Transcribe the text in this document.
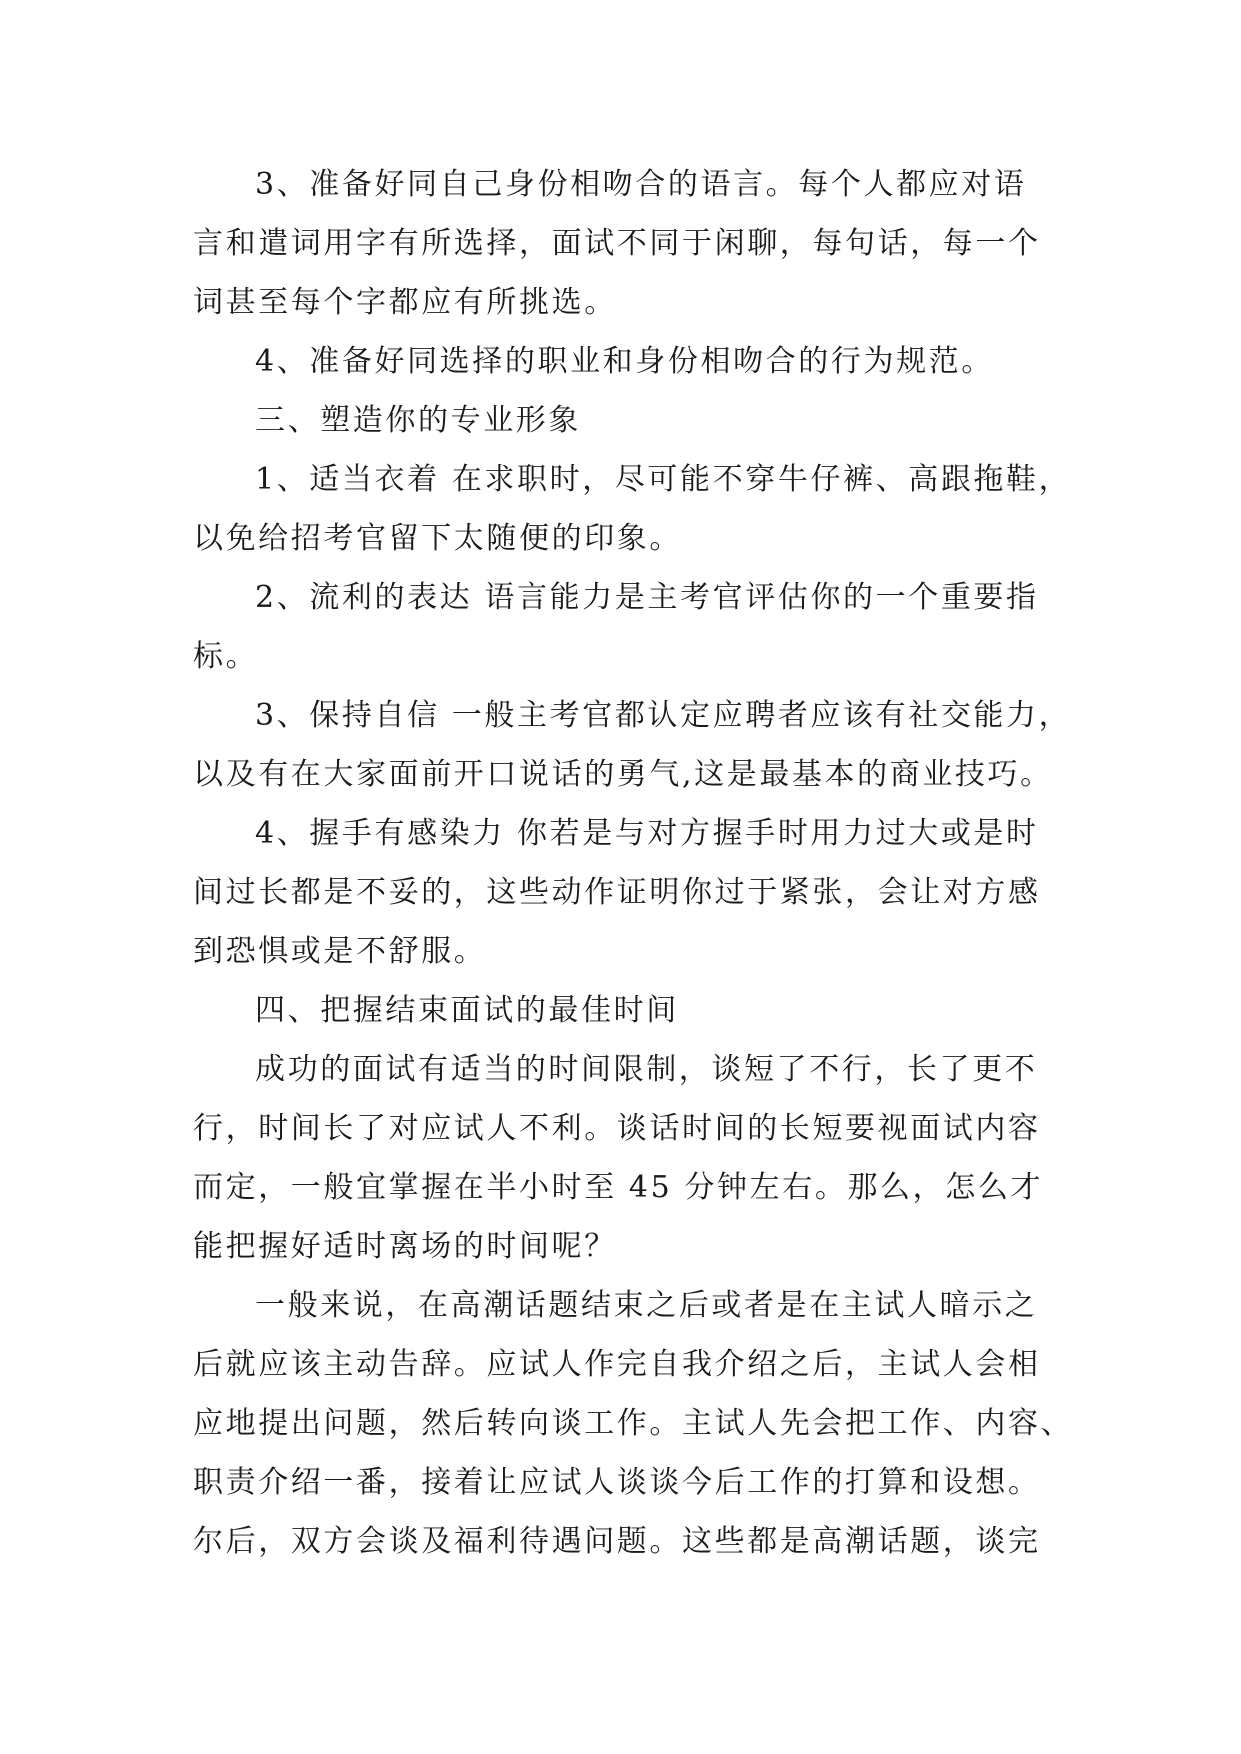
3、准备好同自己身份相吻合的语言。每个人都应对语
言和遣词用字有所选择，面试不同于闲聊，每句话，每一个
词甚至每个字都应有所挑选。
4、准备好同选择的职业和身份相吻合的行为规范。
三、塑造你的专业形象
1、适当衣着 在求职时，尽可能不穿牛仔裤、高跟拖鞋，
以免给招考官留下太随便的印象。
2、流利的表达 语言能力是主考官评估你的一个重要指
标。
3、保持自信 一般主考官都认定应聘者应该有社交能力，
以及有在大家面前开口说话的勇气,这是最基本的商业技巧。
4、握手有感染力 你若是与对方握手时用力过大或是时
间过长都是不妥的，这些动作证明你过于紧张，会让对方感
到恐惧或是不舒服。
四、把握结束面试的最佳时间
成功的面试有适当的时间限制，谈短了不行，长了更不
行，时间长了对应试人不利。谈话时间的长短要视面试内容
而定，一般宜掌握在半小时至 45 分钟左右。那么，怎么才
能把握好适时离场的时间呢？
一般来说，在高潮话题结束之后或者是在主试人暗示之
后就应该主动告辞。应试人作完自我介绍之后，主试人会相
应地提出问题，然后转向谈工作。主试人先会把工作、内容、
职责介绍一番，接着让应试人谈谈今后工作的打算和设想。
尔后，双方会谈及福利待遇问题。这些都是高潮话题，谈完
